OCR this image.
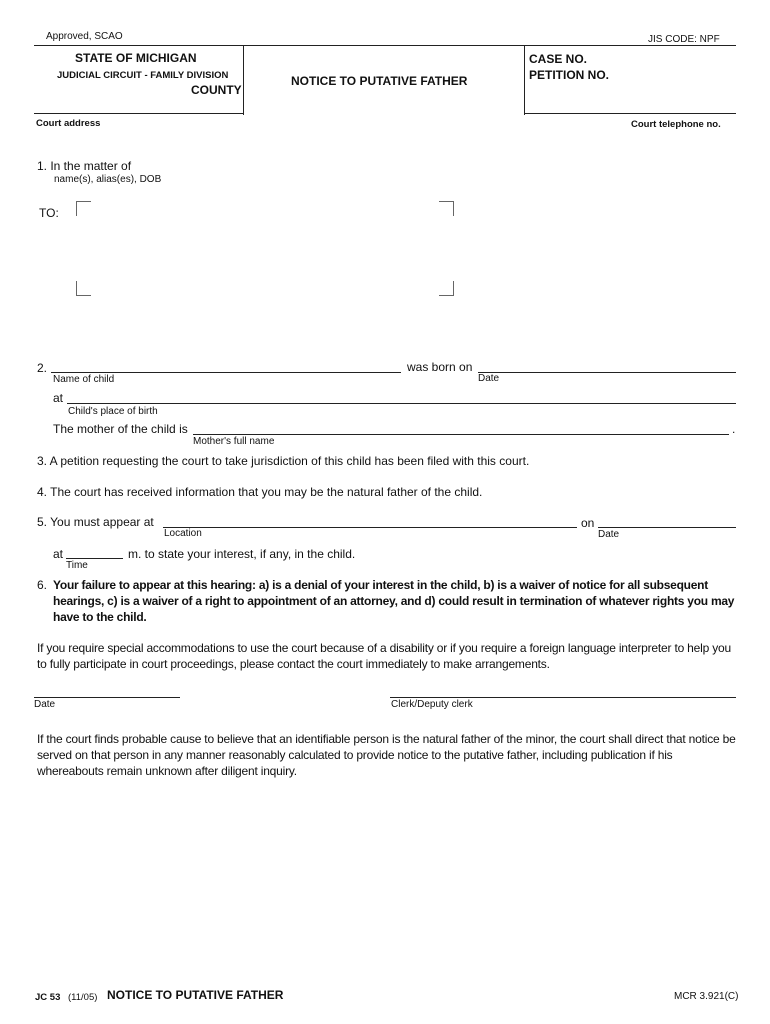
Approved, SCAO	JIS CODE: NPF
STATE OF MICHIGAN
JUDICIAL CIRCUIT - FAMILY DIVISION
COUNTY
NOTICE TO PUTATIVE FATHER
CASE NO.
PETITION NO.
Court address	Court telephone no.
1. In the matter of
name(s), alias(es), DOB
TO:
2.	was born on
Name of child	Date
at
Child's place of birth
The mother of the child is	.
Mother's full name
3. A petition requesting the court to take jurisdiction of this child has been filed with this court.
4. The court has received information that you may be the natural father of the child.
5. You must appear at
Location
on
Date
at	m. to state your interest, if any, in the child.
Time
6. Your failure to appear at this hearing: a) is a denial of your interest in the child, b) is a waiver of notice for all subsequent hearings, c) is a waiver of a right to appointment of an attorney, and d) could result in termination of whatever rights you may have to the child.
If you require special accommodations to use the court because of a disability or if you require a foreign language interpreter to help you to fully participate in court proceedings, please contact the court immediately to make arrangements.
Date	Clerk/Deputy clerk
If the court finds probable cause to believe that an identifiable person is the natural father of the minor, the court shall direct that notice be served on that person in any manner reasonably calculated to provide notice to the putative father, including publication if his whereabouts remain unknown after diligent inquiry.
JC 53 (11/05) NOTICE TO PUTATIVE FATHER	MCR 3.921(C)
